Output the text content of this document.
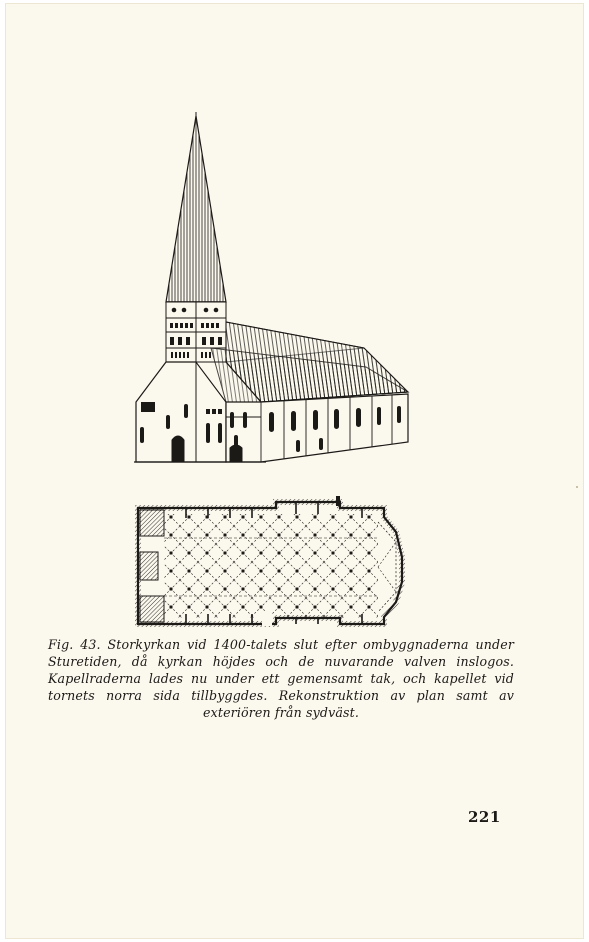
Fig. 43. Storkyrkan vid 1400-talets slut efter ombyggnaderna under Sturetiden, då kyrkan höjdes och de nuvarande valven inslogos. Kapellraderna lades nu under ett gemensamt tak, och kapellet vid tornets norra sida tillbyggdes. Rekonstruktion av plan samt av exteriören från sydväst.

221
